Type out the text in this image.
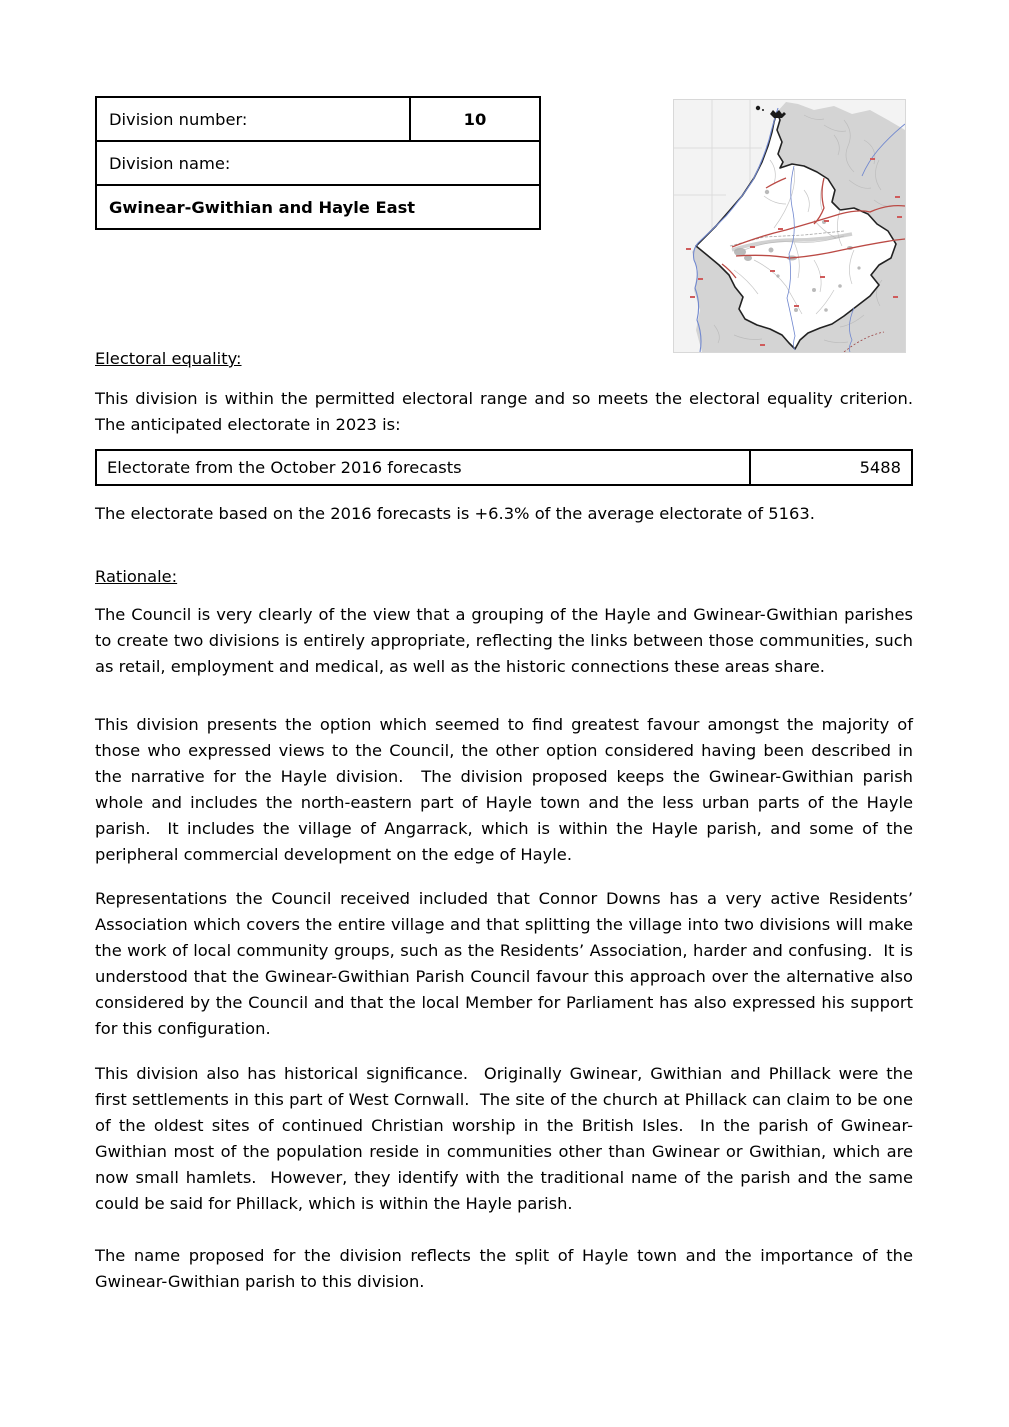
Division number:	10
Division name:
Gwinear-Gwithian and Hayle East
Electoral equality:
This division is within the permitted electoral range and so meets the electoral equality criterion.  The anticipated electorate in 2023 is:
Electorate from the October 2016 forecasts	5488
The electorate based on the 2016 forecasts is +6.3% of the average electorate of 5163.
Rationale:
The Council is very clearly of the view that a grouping of the Hayle and Gwinear-Gwithian parishes to create two divisions is entirely appropriate, reflecting the links between those communities, such as retail, employment and medical, as well as the historic connections these areas share.
This division presents the option which seemed to find greatest favour amongst the majority of those who expressed views to the Council, the other option considered having been described in the narrative for the Hayle division.  The division proposed keeps the Gwinear-Gwithian parish whole and includes the north-eastern part of Hayle town and the less urban parts of the Hayle parish.  It includes the village of Angarrack, which is within the Hayle parish, and some of the peripheral commercial development on the edge of Hayle.
Representations the Council received included that Connor Downs has a very active Residents’ Association which covers the entire village and that splitting the village into two divisions will make the work of local community groups, such as the Residents’ Association, harder and confusing.  It is understood that the Gwinear-Gwithian Parish Council favour this approach over the alternative also considered by the Council and that the local Member for Parliament has also expressed his support for this configuration.
This division also has historical significance.  Originally Gwinear, Gwithian and Phillack were the first settlements in this part of West Cornwall.  The site of the church at Phillack can claim to be one of the oldest sites of continued Christian worship in the British Isles.  In the parish of Gwinear-Gwithian most of the population reside in communities other than Gwinear or Gwithian, which are now small hamlets.  However, they identify with the traditional name of the parish and the same could be said for Phillack, which is within the Hayle parish.
The name proposed for the division reflects the split of Hayle town and the importance of the Gwinear-Gwithian parish to this division.
